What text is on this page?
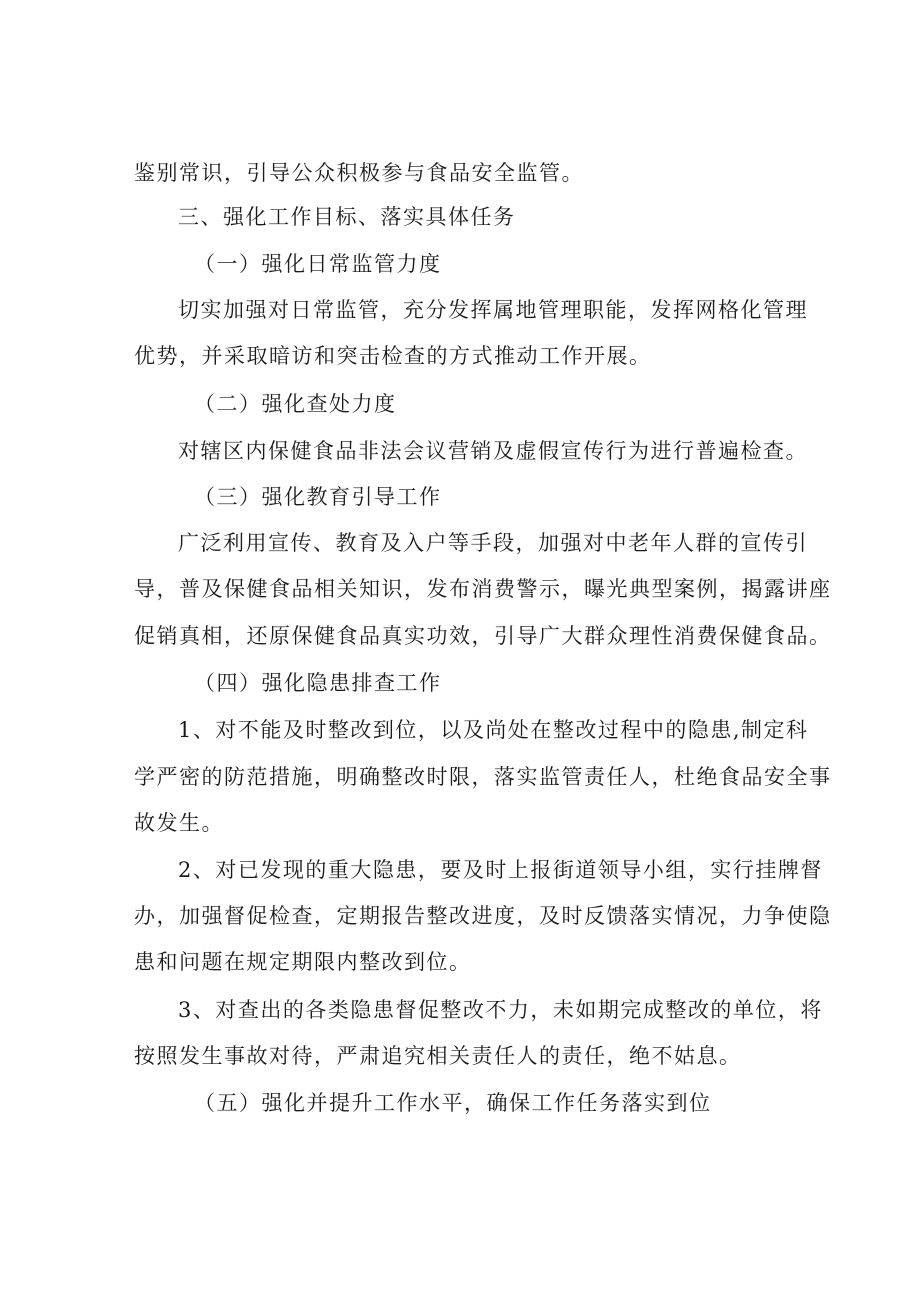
鉴别常识，引导公众积极参与食品安全监管。
三、强化工作目标、落实具体任务
（一）强化日常监管力度
切实加强对日常监管，充分发挥属地管理职能，发挥网格化管理
优势，并采取暗访和突击检查的方式推动工作开展。
（二）强化查处力度
对辖区内保健食品非法会议营销及虚假宣传行为进行普遍检查。
（三）强化教育引导工作
广泛利用宣传、教育及入户等手段，加强对中老年人群的宣传引
导，普及保健食品相关知识，发布消费警示，曝光典型案例，揭露讲座
促销真相，还原保健食品真实功效，引导广大群众理性消费保健食品。
（四）强化隐患排查工作
1、对不能及时整改到位，以及尚处在整改过程中的隐患,制定科
学严密的防范措施，明确整改时限，落实监管责任人，杜绝食品安全事
故发生。
2、对已发现的重大隐患，要及时上报街道领导小组，实行挂牌督
办，加强督促检查，定期报告整改进度，及时反馈落实情况，力争使隐
患和问题在规定期限内整改到位。
3、对查出的各类隐患督促整改不力，未如期完成整改的单位，将
按照发生事故对待，严肃追究相关责任人的责任，绝不姑息。
（五）强化并提升工作水平，确保工作任务落实到位
